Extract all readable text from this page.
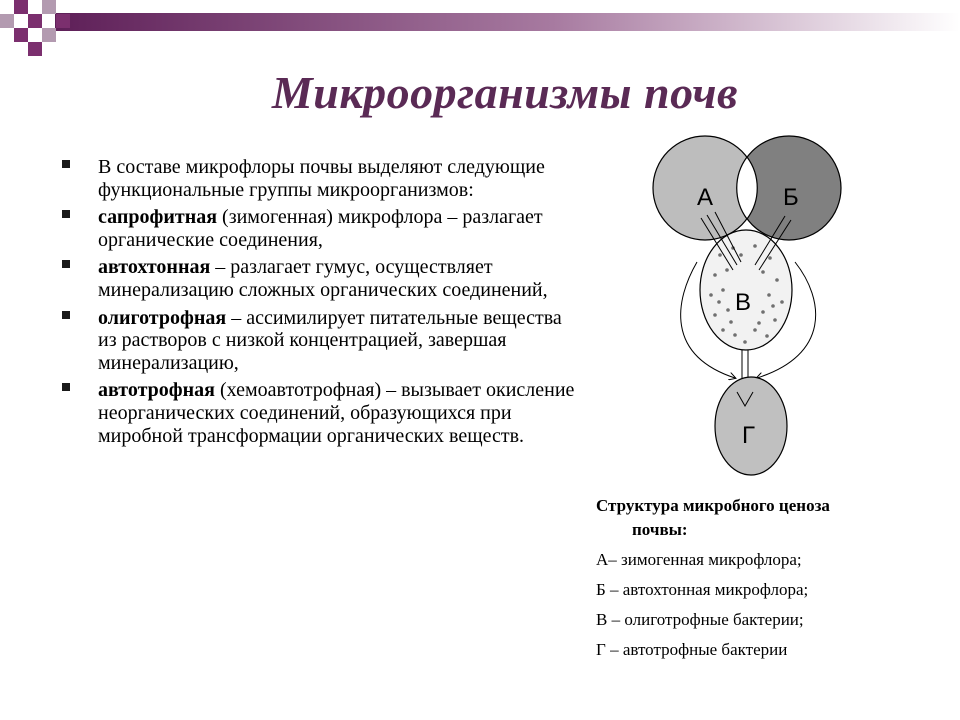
Микроорганизмы почв
В составе микрофлоры почвы выделяют следующие функциональные группы микроорганизмов:
сапрофитная (зимогенная) микрофлора – разлагает органические соединения,
автохтонная – разлагает гумус, осуществляет минерализацию сложных органических соединений,
олиготрофная – ассимилирует питательные вещества из растворов с низкой концентрацией, завершая минерализацию,
автотрофная (хемоавтотрофная) – вызывает окисление неорганических соединений, образующихся при миробной трансформации органических веществ.
А	Б
В
Г
Структура микробного ценоза
почвы:
А– зимогенная микрофлора;
Б – автохтонная микрофлора;
В – олиготрофные бактерии;
Г – автотрофные бактерии
